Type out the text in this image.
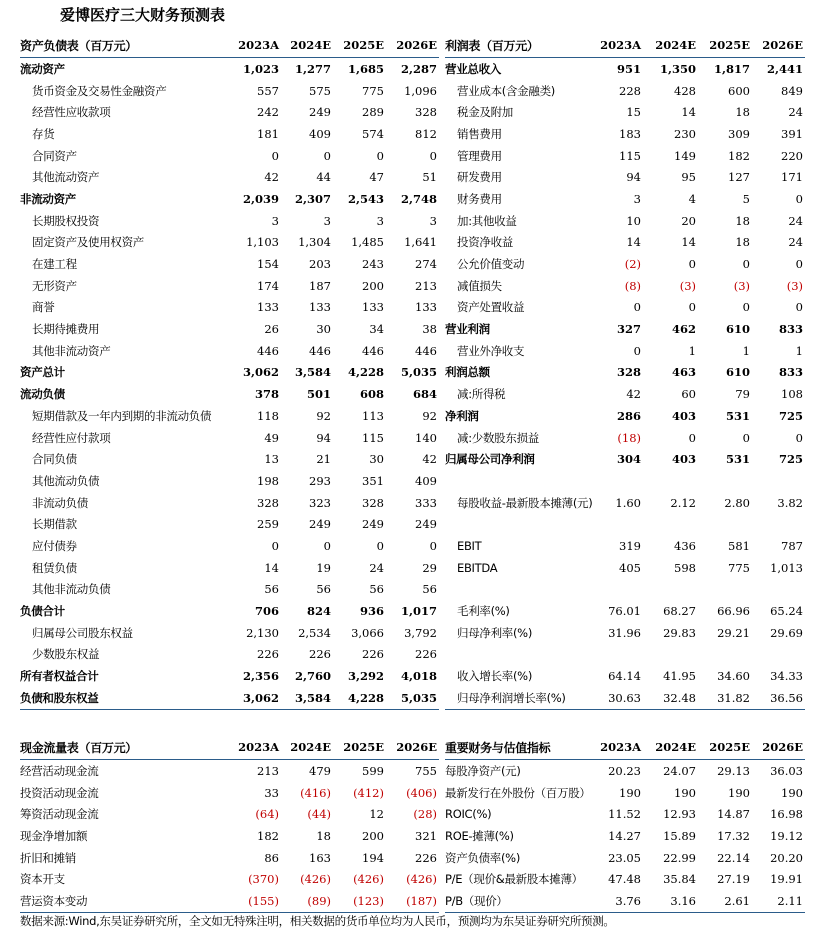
爱博医疗三大财务预测表
资产负债表（百万元）	2023A	2024E	2025E	2026E
流动资产	1,023	1,277	1,685	2,287
货币资金及交易性金融资产	557	575	775	1,096
经营性应收款项	242	249	289	328
存货	181	409	574	812
合同资产	0	0	0	0
其他流动资产	42	44	47	51
非流动资产	2,039	2,307	2,543	2,748
长期股权投资	3	3	3	3
固定资产及使用权资产	1,103	1,304	1,485	1,641
在建工程	154	203	243	274
无形资产	174	187	200	213
商誉	133	133	133	133
长期待摊费用	26	30	34	38
其他非流动资产	446	446	446	446
资产总计	3,062	3,584	4,228	5,035
流动负债	378	501	608	684
短期借款及一年内到期的非流动负债	118	92	113	92
经营性应付款项	49	94	115	140
合同负债	13	21	30	42
其他流动负债	198	293	351	409
非流动负债	328	323	328	333
长期借款	259	249	249	249
应付债券	0	0	0	0
租赁负债	14	19	24	29
其他非流动负债	56	56	56	56
负债合计	706	824	936	1,017
归属母公司股东权益	2,130	2,534	3,066	3,792
少数股东权益	226	226	226	226
所有者权益合计	2,356	2,760	3,292	4,018
负债和股东权益	3,062	3,584	4,228	5,035
利润表（百万元）	2023A	2024E	2025E	2026E
营业总收入	951	1,350	1,817	2,441
营业成本(含金融类)	228	428	600	849
税金及附加	15	14	18	24
销售费用	183	230	309	391
管理费用	115	149	182	220
研发费用	94	95	127	171
财务费用	3	4	5	0
加:其他收益	10	20	18	24
投资净收益	14	14	18	24
公允价值变动	(2)	0	0	0
减值损失	(8)	(3)	(3)	(3)
资产处置收益	0	0	0	0
营业利润	327	462	610	833
营业外净收支	0	1	1	1
利润总额	328	463	610	833
减:所得税	42	60	79	108
净利润	286	403	531	725
减:少数股东损益	(18)	0	0	0
归属母公司净利润	304	403	531	725

每股收益-最新股本摊薄(元)	1.60	2.12	2.80	3.82

EBIT	319	436	581	787
EBITDA	405	598	775	1,013

毛利率(%)	76.01	68.27	66.96	65.24
归母净利率(%)	31.96	29.83	29.21	29.69

收入增长率(%)	64.14	41.95	34.60	34.33
归母净利润增长率(%)	30.63	32.48	31.82	36.56
现金流量表（百万元）	2023A	2024E	2025E	2026E
经营活动现金流	213	479	599	755
投资活动现金流	33	(416)	(412)	(406)
筹资活动现金流	(64)	(44)	12	(28)
现金净增加额	182	18	200	321
折旧和摊销	86	163	194	226
资本开支	(370)	(426)	(426)	(426)
营运资本变动	(155)	(89)	(123)	(187)
重要财务与估值指标	2023A	2024E	2025E	2026E
每股净资产(元)	20.23	24.07	29.13	36.03
最新发行在外股份（百万股）	190	190	190	190
ROIC(%)	11.52	12.93	14.87	16.98
ROE-摊薄(%)	14.27	15.89	17.32	19.12
资产负债率(%)	23.05	22.99	22.14	20.20
P/E（现价&最新股本摊薄）	47.48	35.84	27.19	19.91
P/B（现价）	3.76	3.16	2.61	2.11
数据来源:Wind,东吴证券研究所，全文如无特殊注明，相关数据的货币单位均为人民币，预测均为东吴证券研究所预测。
